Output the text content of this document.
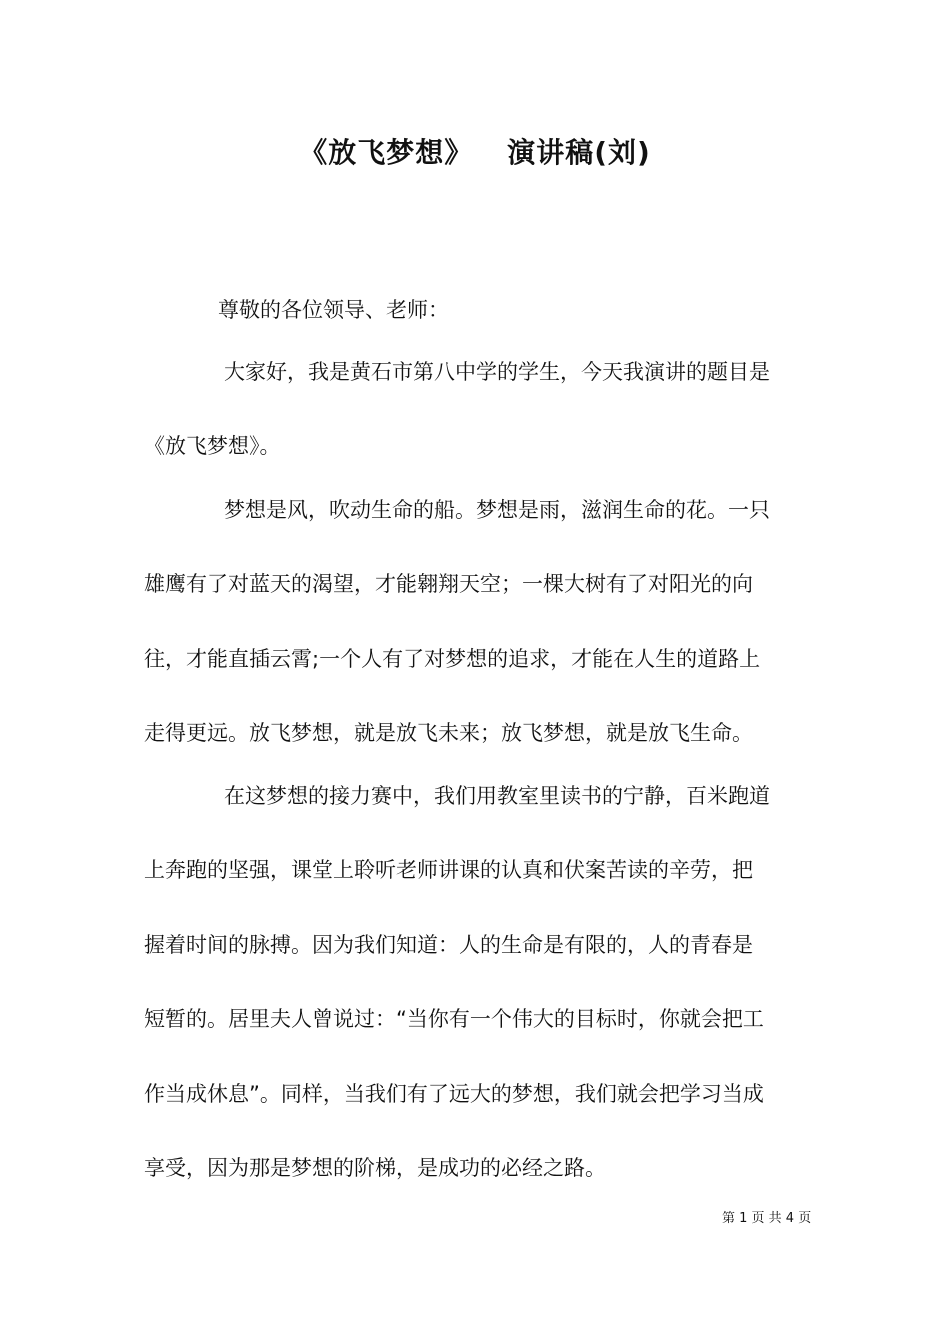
《放飞梦想》 演讲稿(刘)
尊敬的各位领导、老师：
大家好，我是黄石市第八中学的学生，今天我演讲的题目是
《放飞梦想》。
梦想是风，吹动生命的船。梦想是雨，滋润生命的花。一只
雄鹰有了对蓝天的渴望，才能翱翔天空；一棵大树有了对阳光的向
往，才能直插云霄;一个人有了对梦想的追求，才能在人生的道路上
走得更远。放飞梦想，就是放飞未来；放飞梦想，就是放飞生命。
在这梦想的接力赛中，我们用教室里读书的宁静，百米跑道
上奔跑的坚强，课堂上聆听老师讲课的认真和伏案苦读的辛劳，把
握着时间的脉搏。因为我们知道：人的生命是有限的，人的青春是
短暂的。居里夫人曾说过：“当你有一个伟大的目标时，你就会把工
作当成休息”。同样，当我们有了远大的梦想，我们就会把学习当成
享受，因为那是梦想的阶梯，是成功的必经之路。
第 1 页 共 4 页
